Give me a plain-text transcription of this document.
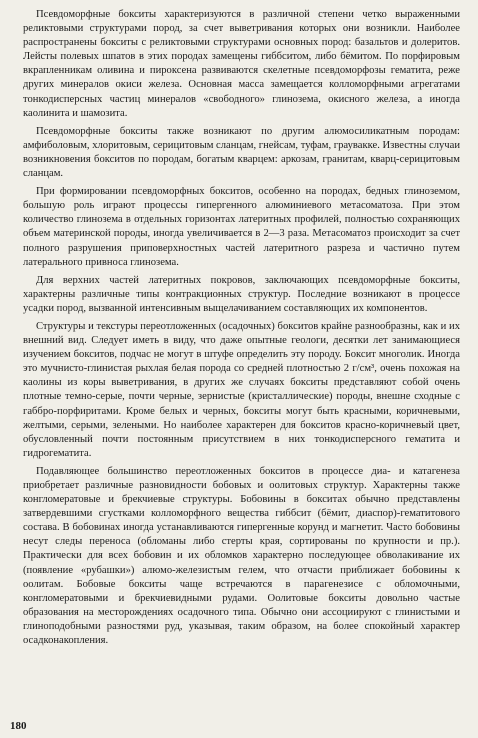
Псевдоморфные бокситы характеризуются в различной степени четко выраженными реликтовыми структурами пород, за счет выветривания которых они возникли. Наиболее распространены бокситы с реликтовыми структурами основных пород: базальтов и долеритов. Лейсты полевых шпатов в этих породах замещены гиббситом, либо бёмитом. По порфировым вкрапленникам оливина и пироксена развиваются скелетные псевдоморфозы гематита, реже других минералов окиси железа. Основная масса замещается колломорфными агрегатами тонкодисперсных частиц минералов «свободного» глинозема, окисного железа, а иногда каолинита и шамозита.

Псевдоморфные бокситы также возникают по другим алюмосиликатным породам: амфиболовым, хлоритовым, серицитовым сланцам, гнейсам, туфам, граувакке. Известны случаи возникновения бокситов по породам, богатым кварцем: аркозам, гранитам, кварц-серицитовым сланцам.

При формировании псевдоморфных бокситов, особенно на породах, бедных глиноземом, большую роль играют процессы гипергенного алюминиевого метасоматоза. При этом количество глинозема в отдельных горизонтах латеритных профилей, полностью сохраняющих объем материнской породы, иногда увеличивается в 2—3 раза. Метасоматоз происходит за счет полного разрушения приповерхностных частей латеритного разреза и частично путем латерального привноса глинозема.

Для верхних частей латеритных покровов, заключающих псевдоморфные бокситы, характерны различные типы контракционных структур. Последние возникают в процессе усадки пород, вызванной интенсивным выщелачиванием составляющих их компонентов.

Структуры и текстуры переотложенных (осадочных) бокситов крайне разнообразны, как и их внешний вид. Следует иметь в виду, что даже опытные геологи, десятки лет занимающиеся изучением бокситов, подчас не могут в штуфе определить эту породу. Боксит многолик. Иногда это мучнисто-глинистая рыхлая белая порода со средней плотностью 2 г/см³, очень похожая на каолины из коры выветривания, в других же случаях бокситы представляют собой очень плотные темно-серые, почти черные, зернистые (кристаллические) породы, внешне сходные с габбро-порфиритами. Кроме белых и черных, бокситы могут быть красными, коричневыми, желтыми, серыми, зелеными. Но наиболее характерен для бокситов красно-коричневый цвет, обусловленный почти постоянным присутствием в них тонкодисперсного гематита и гидрогематита.

Подавляющее большинство переотложенных бокситов в процессе диа- и катагенеза приобретает различные разновидности бобовых и оолитовых структур. Характерны также конгломератовые и брекчиевые структуры. Бобовины в бокситах обычно представлены затвердевшими сгустками колломорфного вещества гиббсит (бёмит, диаспор)-гематитового состава. В бобовинах иногда устанавливаются гипергенные корунд и магнетит. Часто бобовины несут следы переноса (обломаны либо стерты края, сортированы по крупности и пр.). Практически для всех бобовин и их обломков характерно последующее обволакивание их (появление «рубашки») алюмо-железистым гелем, что отчасти приближает бобовины к оолитам. Бобовые бокситы чаще встречаются в парагенезисе с обломочными, конгломератовыми и брекчиевидными рудами. Оолитовые бокситы довольно частые образования на месторождениях осадочного типа. Обычно они ассоциируют с глинистыми и глиноподобными разностями руд, указывая, таким образом, на более спокойный характер осадконакопления.

180
